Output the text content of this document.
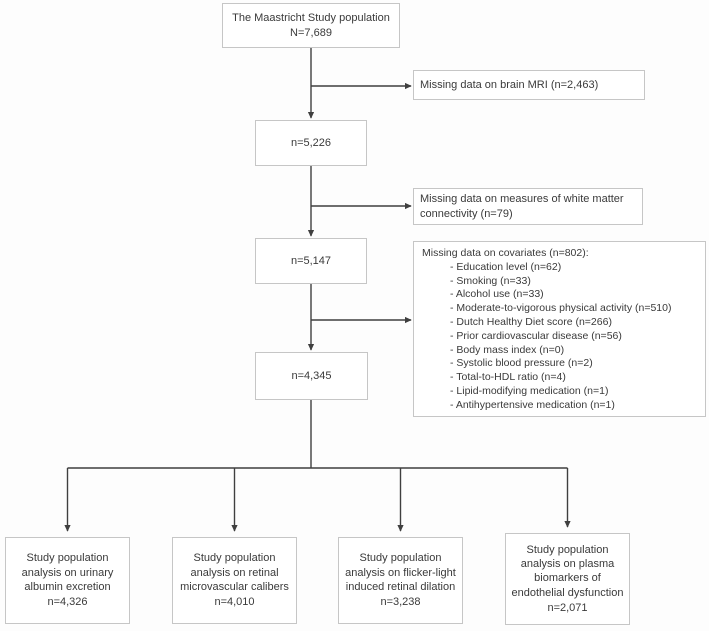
The Maastricht Study population
N=7,689
Missing data on brain MRI (n=2,463)
n=5,226
Missing data on measures of white matter connectivity (n=79)
n=5,147
Missing data on covariates (n=802):
- Education level (n=62)
- Smoking (n=33)
- Alcohol use (n=33)
- Moderate-to-vigorous physical activity (n=510)
- Dutch Healthy Diet score (n=266)
- Prior cardiovascular disease (n=56)
- Body mass index (n=0)
- Systolic blood pressure (n=2)
- Total-to-HDL ratio (n=4)
- Lipid-modifying medication (n=1)
- Antihypertensive medication (n=1)
n=4,345
Study population analysis on urinary albumin excretion
n=4,326
Study population analysis on retinal microvascular calibers
n=4,010
Study population analysis on flicker-light induced retinal dilation
n=3,238
Study population analysis on plasma biomarkers of endothelial dysfunction
n=2,071
